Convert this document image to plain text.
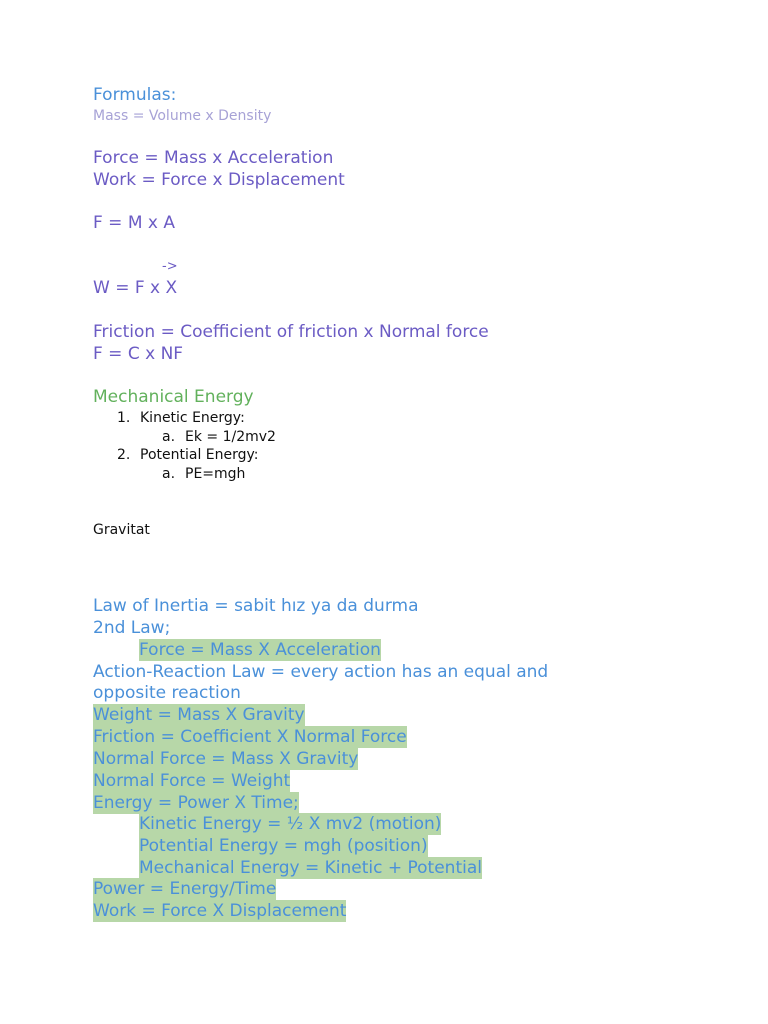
Formulas:
Mass = Volume x Density
Force = Mass x Acceleration
Work = Force x Displacement
F = M x A
->
W = F x X
Friction = Coefficient of friction x Normal force
F = C x NF
Mechanical Energy
1. Kinetic Energy:
a. Ek = 1/2mv2
2. Potential Energy:
a. PE=mgh
Gravitat
Law of Inertia = sabit hız ya da durma
2nd Law;
Force = Mass X Acceleration
Action-Reaction Law = every action has an equal and
opposite reaction
Weight = Mass X Gravity
Friction = Coefficient X Normal Force
Normal Force = Mass X Gravity
Normal Force = Weight
Energy = Power X Time;
Kinetic Energy = ½ X mv2 (motion)
Potential Energy = mgh (position)
Mechanical Energy = Kinetic + Potential
Power = Energy/Time
Work = Force X Displacement
